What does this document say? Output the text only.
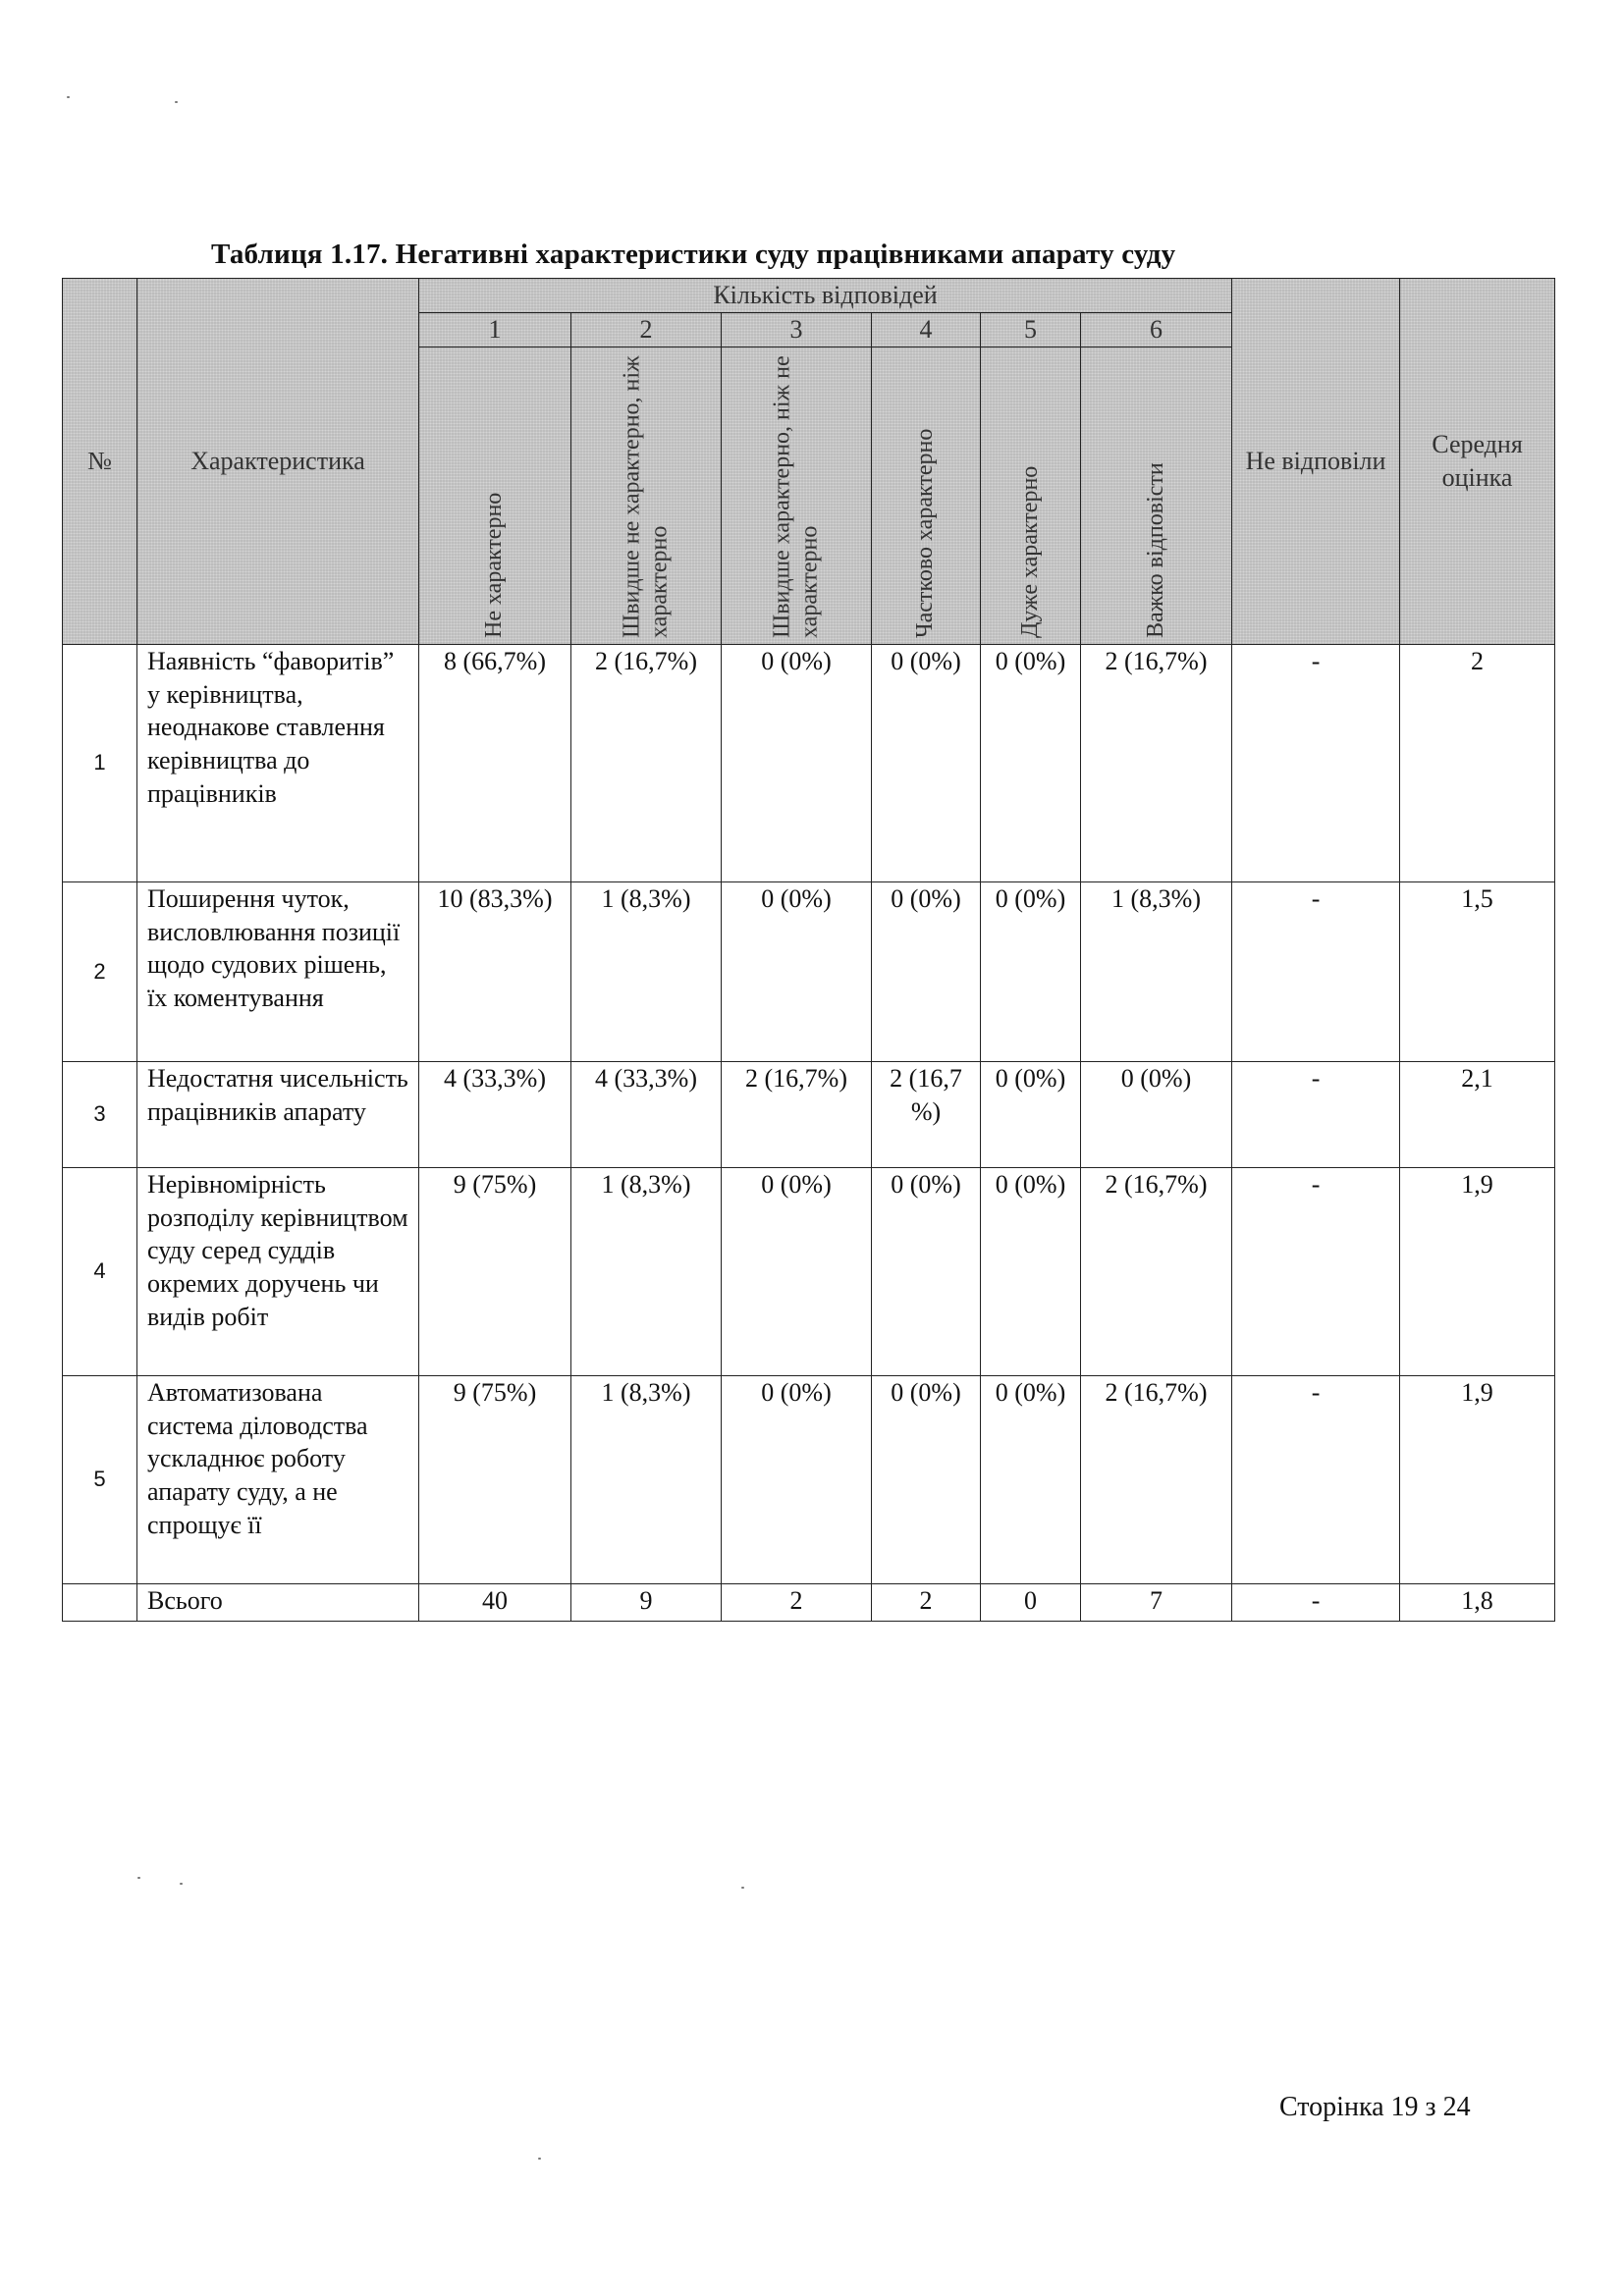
Таблиця 1.17. Негативні характеристики суду працівниками апарату суду
№	Характеристика	Кількість відповідей						Не відповіли	Середня оцінка
		1	2	3	4	5	6		

		Не характерно	Швидше не характерно, ніж характерно	Швидше характерно, ніж не характерно	Частково характерно	Дуже характерно	Важко відповісти		

1	Наявність “фаворитів” у керівництва, неоднакове ставлення керівництва до працівників	8 (66,7%)	2 (16,7%)	0 (0%)	0 (0%)	0 (0%)	2 (16,7%)	-	2
2	Поширення чуток, висловлювання позиції щодо судових рішень, їх коментування	10 (83,3%)	1 (8,3%)	0 (0%)	0 (0%)	0 (0%)	1 (8,3%)	-	1,5
3	Недостатня чисельність працівників апарату	4 (33,3%)	4 (33,3%)	2 (16,7%)	2 (16,7 %)	0 (0%)	0 (0%)	-	2,1
4	Нерівномірність розподілу керівництвом суду серед суддів окремих доручень чи видів робіт	9 (75%)	1 (8,3%)	0 (0%)	0 (0%)	0 (0%)	2 (16,7%)	-	1,9
5	Автоматизована система діловодства ускладнює роботу апарату суду, а не спрощує її	9 (75%)	1 (8,3%)	0 (0%)	0 (0%)	0 (0%)	2 (16,7%)	-	1,9
	Всього	40	9	2	2	0	7	-	1,8
Сторінка 19 з 24
